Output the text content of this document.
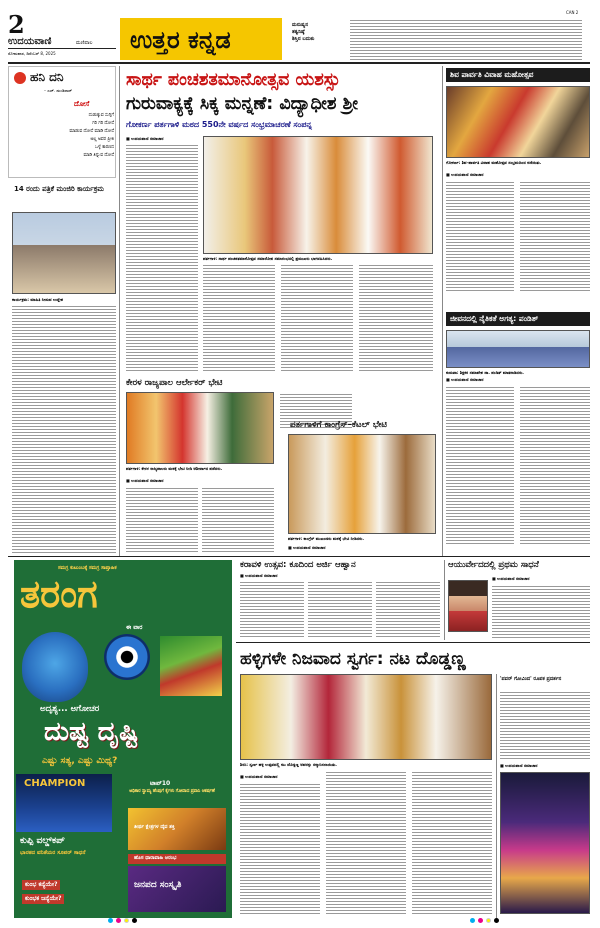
2
ಉದಯವಾಣಿ	ಮಣಿಪಾಲ
ಸೋಮವಾರ, ಡಿಸೆಂಬರ್ 8, 2025	ಉತ್ತರ ಕನ್ನಡ
ಮನುಷ್ಯನ
ತತ್ವನಿಷ್ಠೆ
ಶಿಸ್ತಿನ ಬದುಕು
CAN 2
ಹನಿ ದನಿ
– ಎಚ್. ಡುಂಡಿರಾಜ್
ದೋಸೆ
ದುಡುಕ್ಕುವ ಸುಗ್ಗಿಗೆ
ಗರಿ ಗರಿ ದೋಸೆ
ಮಾಡುವ ದೋಸೆ ಮಾಡಿ ದೋಸೆ
ಅಲ್ಲ ಅವರ ಪ್ರೀತಿ
ಒಳ್ಳೆ ಕಾರಣದ
ಮಾಡಿ ತಿನ್ನುವ ದೋಸೆ
14 ರಂದು ಪತ್ರಿಕೆ ಮಂಜಿರಿ ಕಾರ್ಯಕ್ರಮ
ಕಾರ್ಯಕ್ರಮ: ಮಾಹಿತಿ ನೀಡುವ ಉದ್ದೇಶ
ಸಾರ್ಥ ಪಂಚಶತಮಾನೋತ್ಸವ ಯಶಸ್ಸು
ಗುರುವಾಕ್ಯಕ್ಕೆ ಸಿಕ್ಕ ಮನ್ನಣೆ: ವಿದ್ಯಾಧೀಶ ಶ್ರೀ
ಗೋಕರ್ಣ ಪರ್ತಗಾಳಿ ಮಠದ 550ನೇ ವರ್ಷದ ಸಂಭ್ರಮಾಚರಣೆ ಸಂಪನ್ನ
■ ಉದಯವಾಣಿ ಸಮಾಚಾರ
ಪರ್ತಗಾಳಿ: ಸಾರ್ಥ ಪಂಚಶತಮಾನೋತ್ಸವ ಸಮಾರೋಪ ಸಮಾರಂಭದಲ್ಲಿ ಪ್ರಮುಖರು ಭಾಗವಹಿಸಿದರು.
ಶಿವ ಪಾರ್ವತಿ ವಿವಾಹ ಮಹೋತ್ಸವ
ಗೋಕರ್ಣ: ಶಿವ–ಪಾರ್ವತಿ ವಿವಾಹ ಮಹೋತ್ಸವ ಸಂಭ್ರಮದಿಂದ ನಡೆಯಿತು.
■ ಉದಯವಾಣಿ ಸಮಾಚಾರ
ಜೀವನದಲ್ಲಿ ನೈತಿಕತೆ ಅಗತ್ಯ: ಪಂಡಿತ್
ಕುಮಟಾ: ಶಿಕ್ಷಕರ ಸಮಾವೇಶ ಡಾ. ಪಂಡಿತ್ ಮಾತನಾಡಿದರು.
■ ಉದಯವಾಣಿ ಸಮಾಚಾರ
ಕೇರಳ ರಾಜ್ಯಪಾಲ ಆರ್ಲೇಕರ್ ಭೇಟಿ
ಪರ್ತಗಾಳಿ: ಕೇರಳ ರಾಜ್ಯಪಾಲರು ಮಠಕ್ಕೆ ಭೇಟಿ ನೀಡಿ ಆಶೀರ್ವಾದ ಪಡೆದರು.
■ ಉದಯವಾಣಿ ಸಮಾಚಾರ
ಪರ್ತಗಾಳಿಗೆ ಕಾಂಗ್ರೆಸ್‌–ಕೆಟಲ್‌ ಭೇಟಿ
ಪರ್ತಗಾಳಿ: ಕಾಂಗ್ರೆಸ್ ಮುಖಂಡರು ಮಠಕ್ಕೆ ಭೇಟಿ ನೀಡಿದರು.
■ ಉದಯವಾಣಿ ಸಮಾಚಾರ
ಕರಾವಳಿ ಉತ್ಸವ: ಕೂದಿಂದ ಅರ್ಜಿ ಆಹ್ವಾನ
■ ಉದಯವಾಣಿ ಸಮಾಚಾರ
ಆಯುರ್ವೇದದಲ್ಲಿ ಪ್ರಥಮ ಸಾಧನೆ
■ ಉದಯವಾಣಿ ಸಮಾಚಾರ
ಸಮಗ್ರ ಕುಟುಂಬಕ್ಕೆ ಸಮಗ್ರ ಸಾಪ್ತಾಹಿಕ
ತರಂಗ
ಈ ವಾರ
ಅದೃಶ್ಯ... ಅಗೋಚರ
ದುಷ್ಟ ದೃಷ್ಟಿ
ಎಷ್ಟು ಸತ್ಯ, ಎಷ್ಟು ಮಿಥ್ಯ?
CHAMPION	ಟಾಪ್‌10
ಅಧಿಕಾರ ಸ್ವಾಮ್ಯ ಹೆಂಪುಗೆ ಕೈಗಳು ಗೋವಾದ ಪ್ರವಾಸಿ ಆಕರ್ಷಣೆ
ತೀರ್ಥ ಕ್ಷೇತ್ರಗಳ ದೈವ ಶಕ್ತಿ
ಕುಪ್ಪಿ ವಲ್ಡ್‌ಕಪ್
ಭಾರತದ ವನಿತೆಯರ ಸೂಪರ್ ಸಾಧನೆ
ಹೊಸ ಧಾರಾವಾಹಿ ಆರಂಭ
ಜನಪದ ಸಂಸ್ಕೃತಿ
ಕುಂಭ ಕನ್ಯೆಯೇ?
ಕುಂಭಕ ಜನ್ಯೆಯೇ?
ಹಳ್ಳಿಗಳೇ ನಿಜವಾದ ಸ್ವರ್ಗ: ನಟ ದೊಡ್ಡಣ್ಣ
ಶಿರಸಿ: ಸ್ವರ್ಣ ಹಳ್ಳಿ ಉತ್ಸವದಲ್ಲಿ ನಟ ದೊಡ್ಡಣ್ಣ ಅವರನ್ನು ಸನ್ಮಾನಿಸಲಾಯಿತು.
■ ಉದಯವಾಣಿ ಸಮಾಚಾರ
'ಪವರ್ ಗೋವಿಂದ' ರೂಪಕ ಪ್ರದರ್ಶನ
■ ಉದಯವಾಣಿ ಸಮಾಚಾರ
